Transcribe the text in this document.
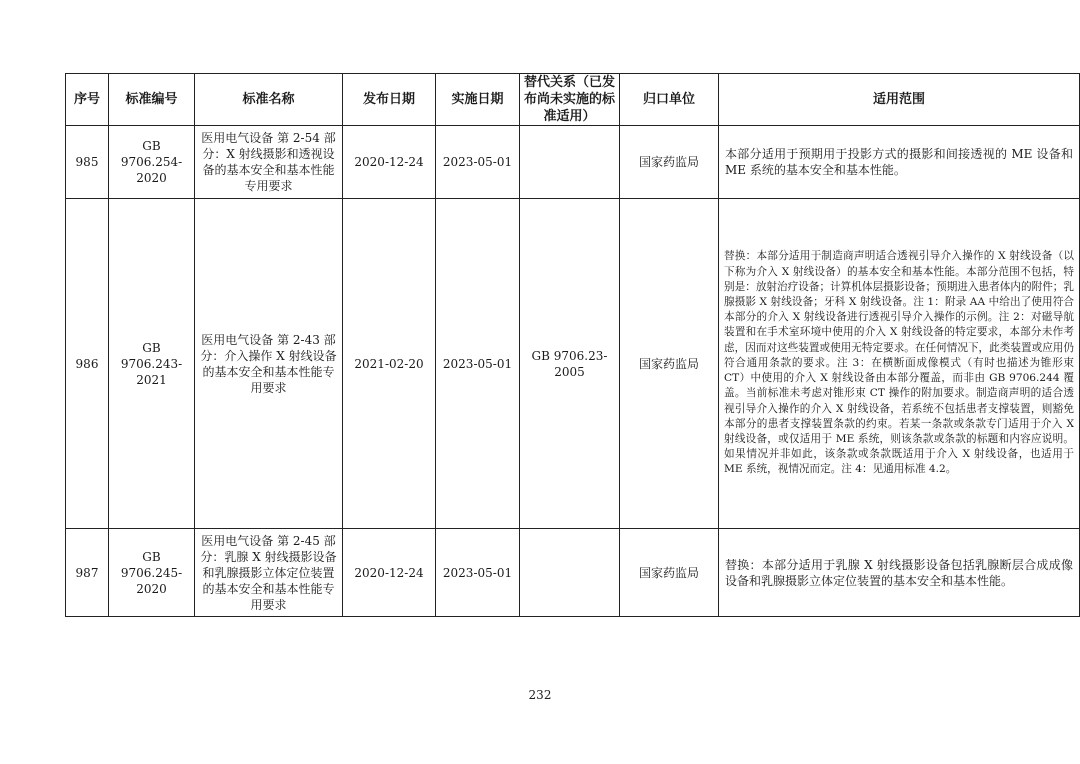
序号	标准编号	标准名称	发布日期	实施日期	替代关系（已发布尚未实施的标准适用）	归口单位	适用范围
985	GB 9706.254-2020	医用电气设备 第 2-54 部分：X 射线摄影和透视设备的基本安全和基本性能专用要求	2020-12-24	2023-05-01		国家药监局	本部分适用于预期用于投影方式的摄影和间接透视的 ME 设备和 ME 系统的基本安全和基本性能。
986	GB 9706.243-2021	医用电气设备 第 2-43 部分：介入操作 X 射线设备的基本安全和基本性能专用要求	2021-02-20	2023-05-01	GB 9706.23-2005	国家药监局	替换：本部分适用于制造商声明适合透视引导介入操作的 X 射线设备（以下称为介入 X 射线设备）的基本安全和基本性能。本部分范围不包括，特别是：放射治疗设备；计算机体层摄影设备；预期进入患者体内的附件；乳腺摄影 X 射线设备；牙科 X 射线设备。注 1：附录 AA 中给出了使用符合本部分的介入 X 射线设备进行透视引导介入操作的示例。注 2：对磁导航装置和在手术室环境中使用的介入 X 射线设备的特定要求，本部分未作考虑，因而对这些装置或使用无特定要求。在任何情况下，此类装置或应用仍符合通用条款的要求。注 3：在横断面成像模式（有时也描述为锥形束 CT）中使用的介入 X 射线设备由本部分覆盖，而非由 GB 9706.244 覆盖。当前标准未考虑对锥形束 CT 操作的附加要求。制造商声明的适合透视引导介入操作的介入 X 射线设备，若系统不包括患者支撑装置，则豁免本部分的患者支撑装置条款的约束。若某一条款或条款专门适用于介入 X 射线设备，或仅适用于 ME 系统，则该条款或条款的标题和内容应说明。如果情况并非如此，该条款或条款既适用于介入 X 射线设备，也适用于 ME 系统，视情况而定。注 4：见通用标准 4.2。
987	GB 9706.245-2020	医用电气设备 第 2-45 部分：乳腺 X 射线摄影设备和乳腺摄影立体定位装置的基本安全和基本性能专用要求	2020-12-24	2023-05-01		国家药监局	替换：本部分适用于乳腺 X 射线摄影设备包括乳腺断层合成成像设备和乳腺摄影立体定位装置的基本安全和基本性能。
232
